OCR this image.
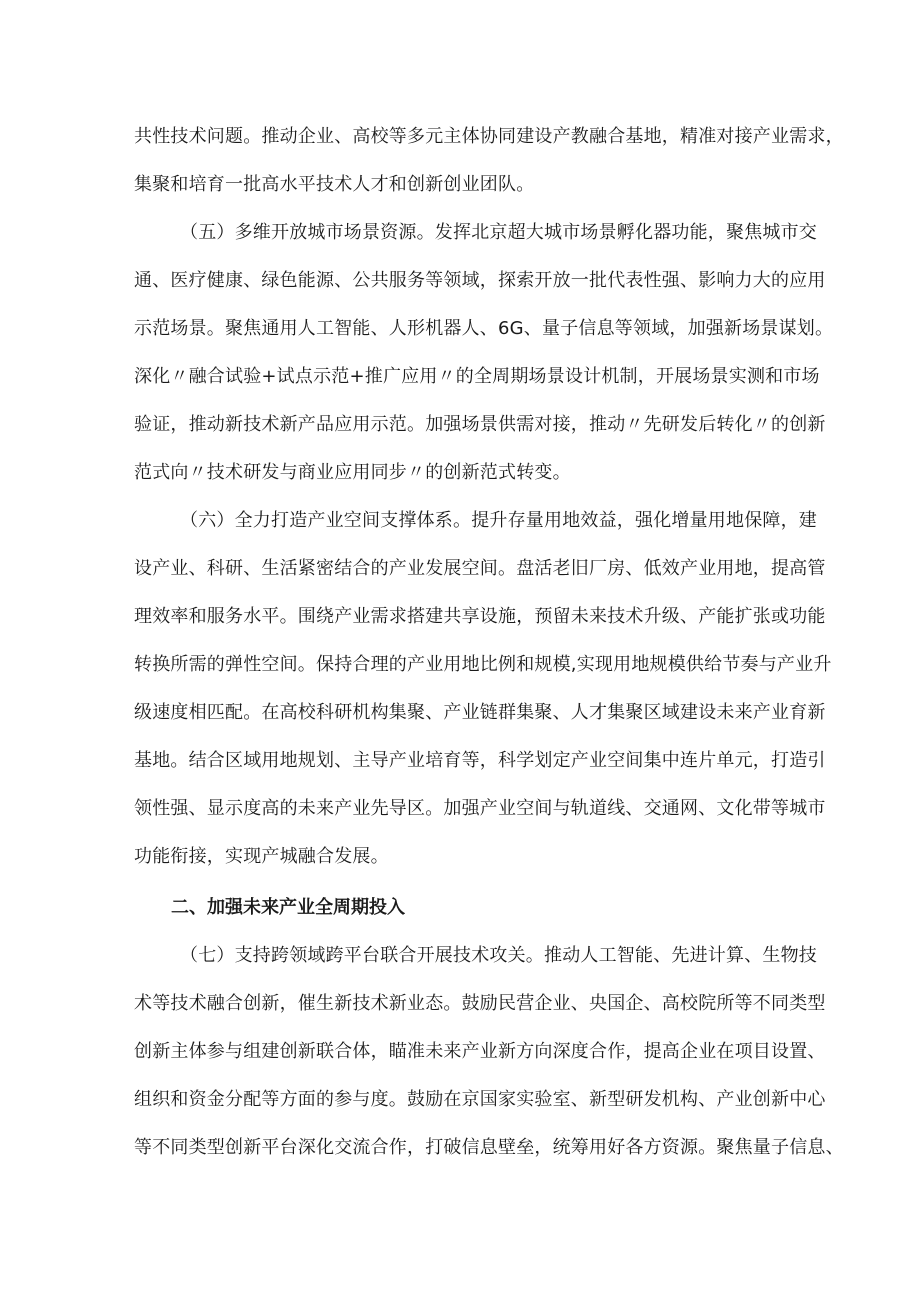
共性技术问题。推动企业、高校等多元主体协同建设产教融合基地，精准对接产业需求，
集聚和培育一批高水平技术人才和创新创业团队。
（五）多维开放城市场景资源。发挥北京超大城市场景孵化器功能，聚焦城市交
通、医疗健康、绿色能源、公共服务等领域，探索开放一批代表性强、影响力大的应用
示范场景。聚焦通用人工智能、人形机器人、6G、量子信息等领域，加强新场景谋划。
深化〃融合试验+试点示范+推广应用〃的全周期场景设计机制，开展场景实测和市场
验证，推动新技术新产品应用示范。加强场景供需对接，推动〃先研发后转化〃的创新
范式向〃技术研发与商业应用同步〃的创新范式转变。
（六）全力打造产业空间支撑体系。提升存量用地效益，强化增量用地保障，建
设产业、科研、生活紧密结合的产业发展空间。盘活老旧厂房、低效产业用地，提高管
理效率和服务水平。围绕产业需求搭建共享设施，预留未来技术升级、产能扩张或功能
转换所需的弹性空间。保持合理的产业用地比例和规模,实现用地规模供给节奏与产业升
级速度相匹配。在高校科研机构集聚、产业链群集聚、人才集聚区域建设未来产业育新
基地。结合区域用地规划、主导产业培育等，科学划定产业空间集中连片单元，打造引
领性强、显示度高的未来产业先导区。加强产业空间与轨道线、交通网、文化带等城市
功能衔接，实现产城融合发展。
二、加强未来产业全周期投入
（七）支持跨领域跨平台联合开展技术攻关。推动人工智能、先进计算、生物技
术等技术融合创新，催生新技术新业态。鼓励民营企业、央国企、高校院所等不同类型
创新主体参与组建创新联合体，瞄准未来产业新方向深度合作，提高企业在项目设置、
组织和资金分配等方面的参与度。鼓励在京国家实验室、新型研发机构、产业创新中心
等不同类型创新平台深化交流合作，打破信息壁垒，统筹用好各方资源。聚焦量子信息、
